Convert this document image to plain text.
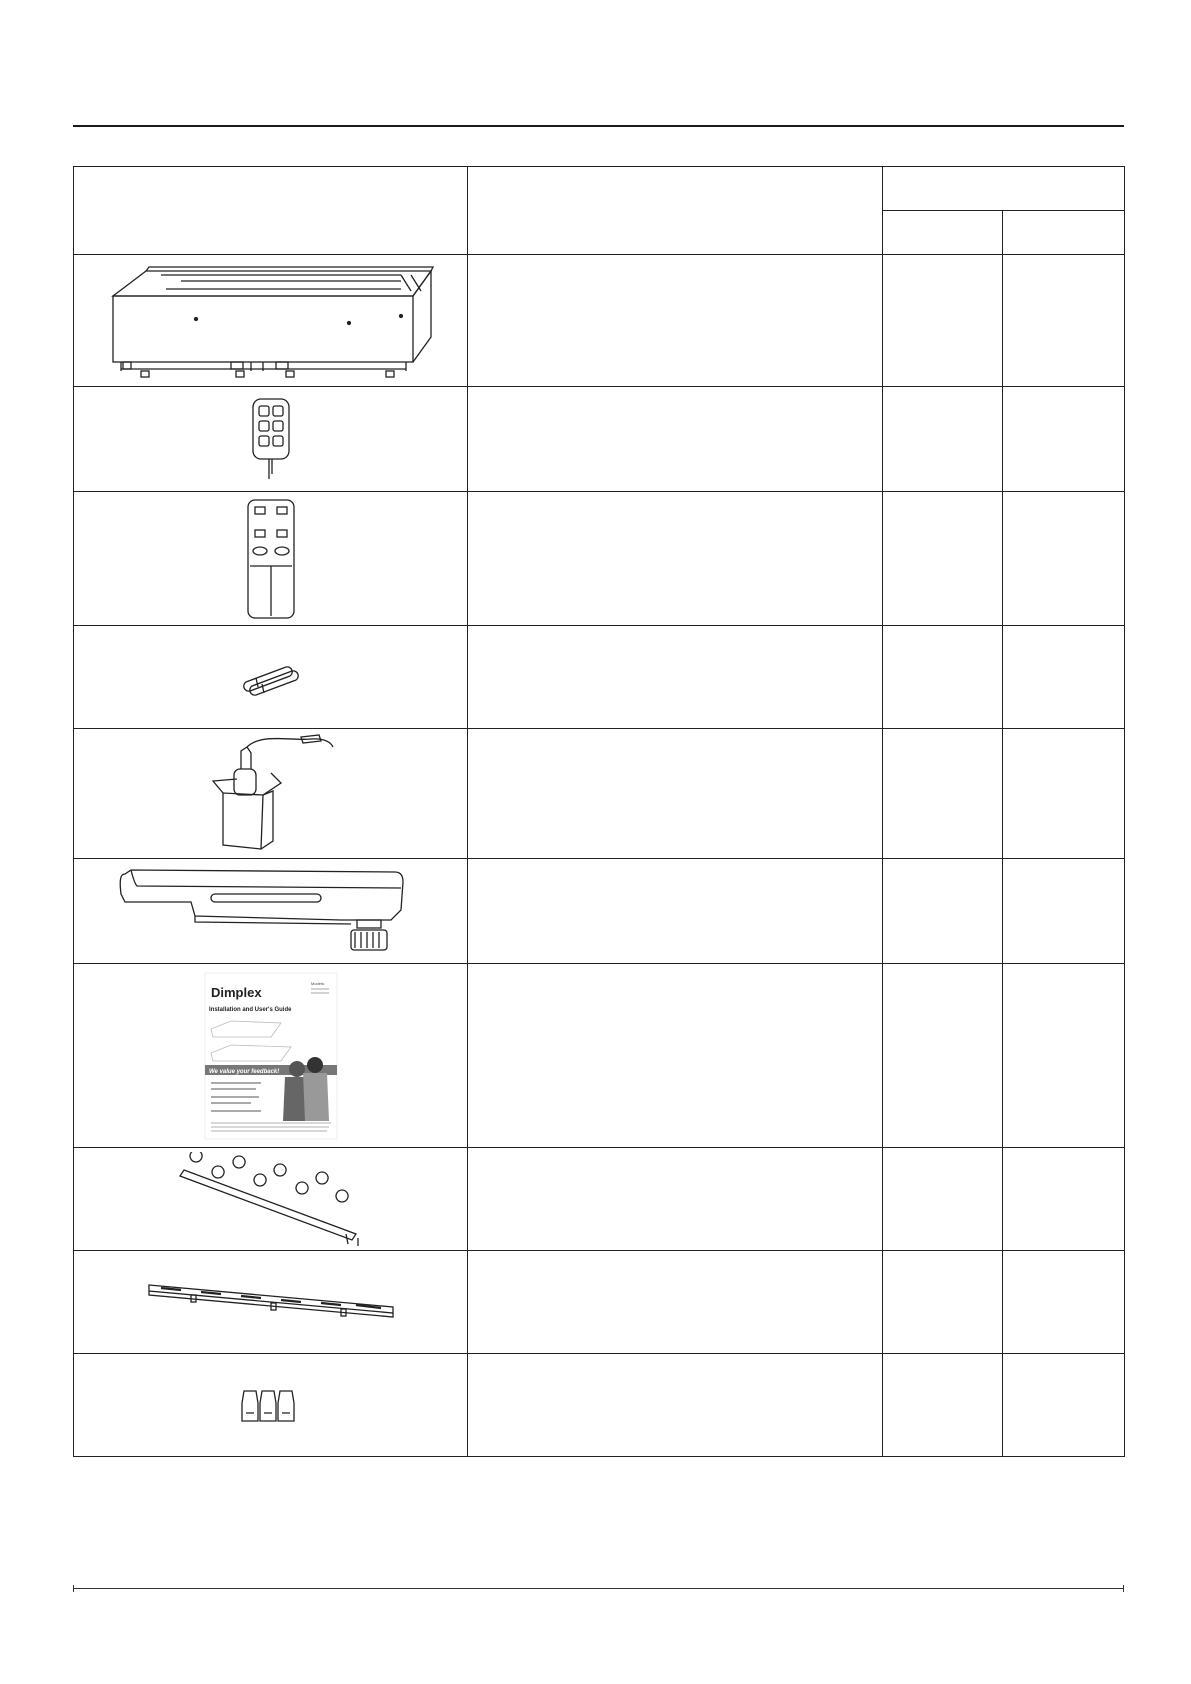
Dimplex
Models:
Installation and User's Guide
We value your feedback!			
